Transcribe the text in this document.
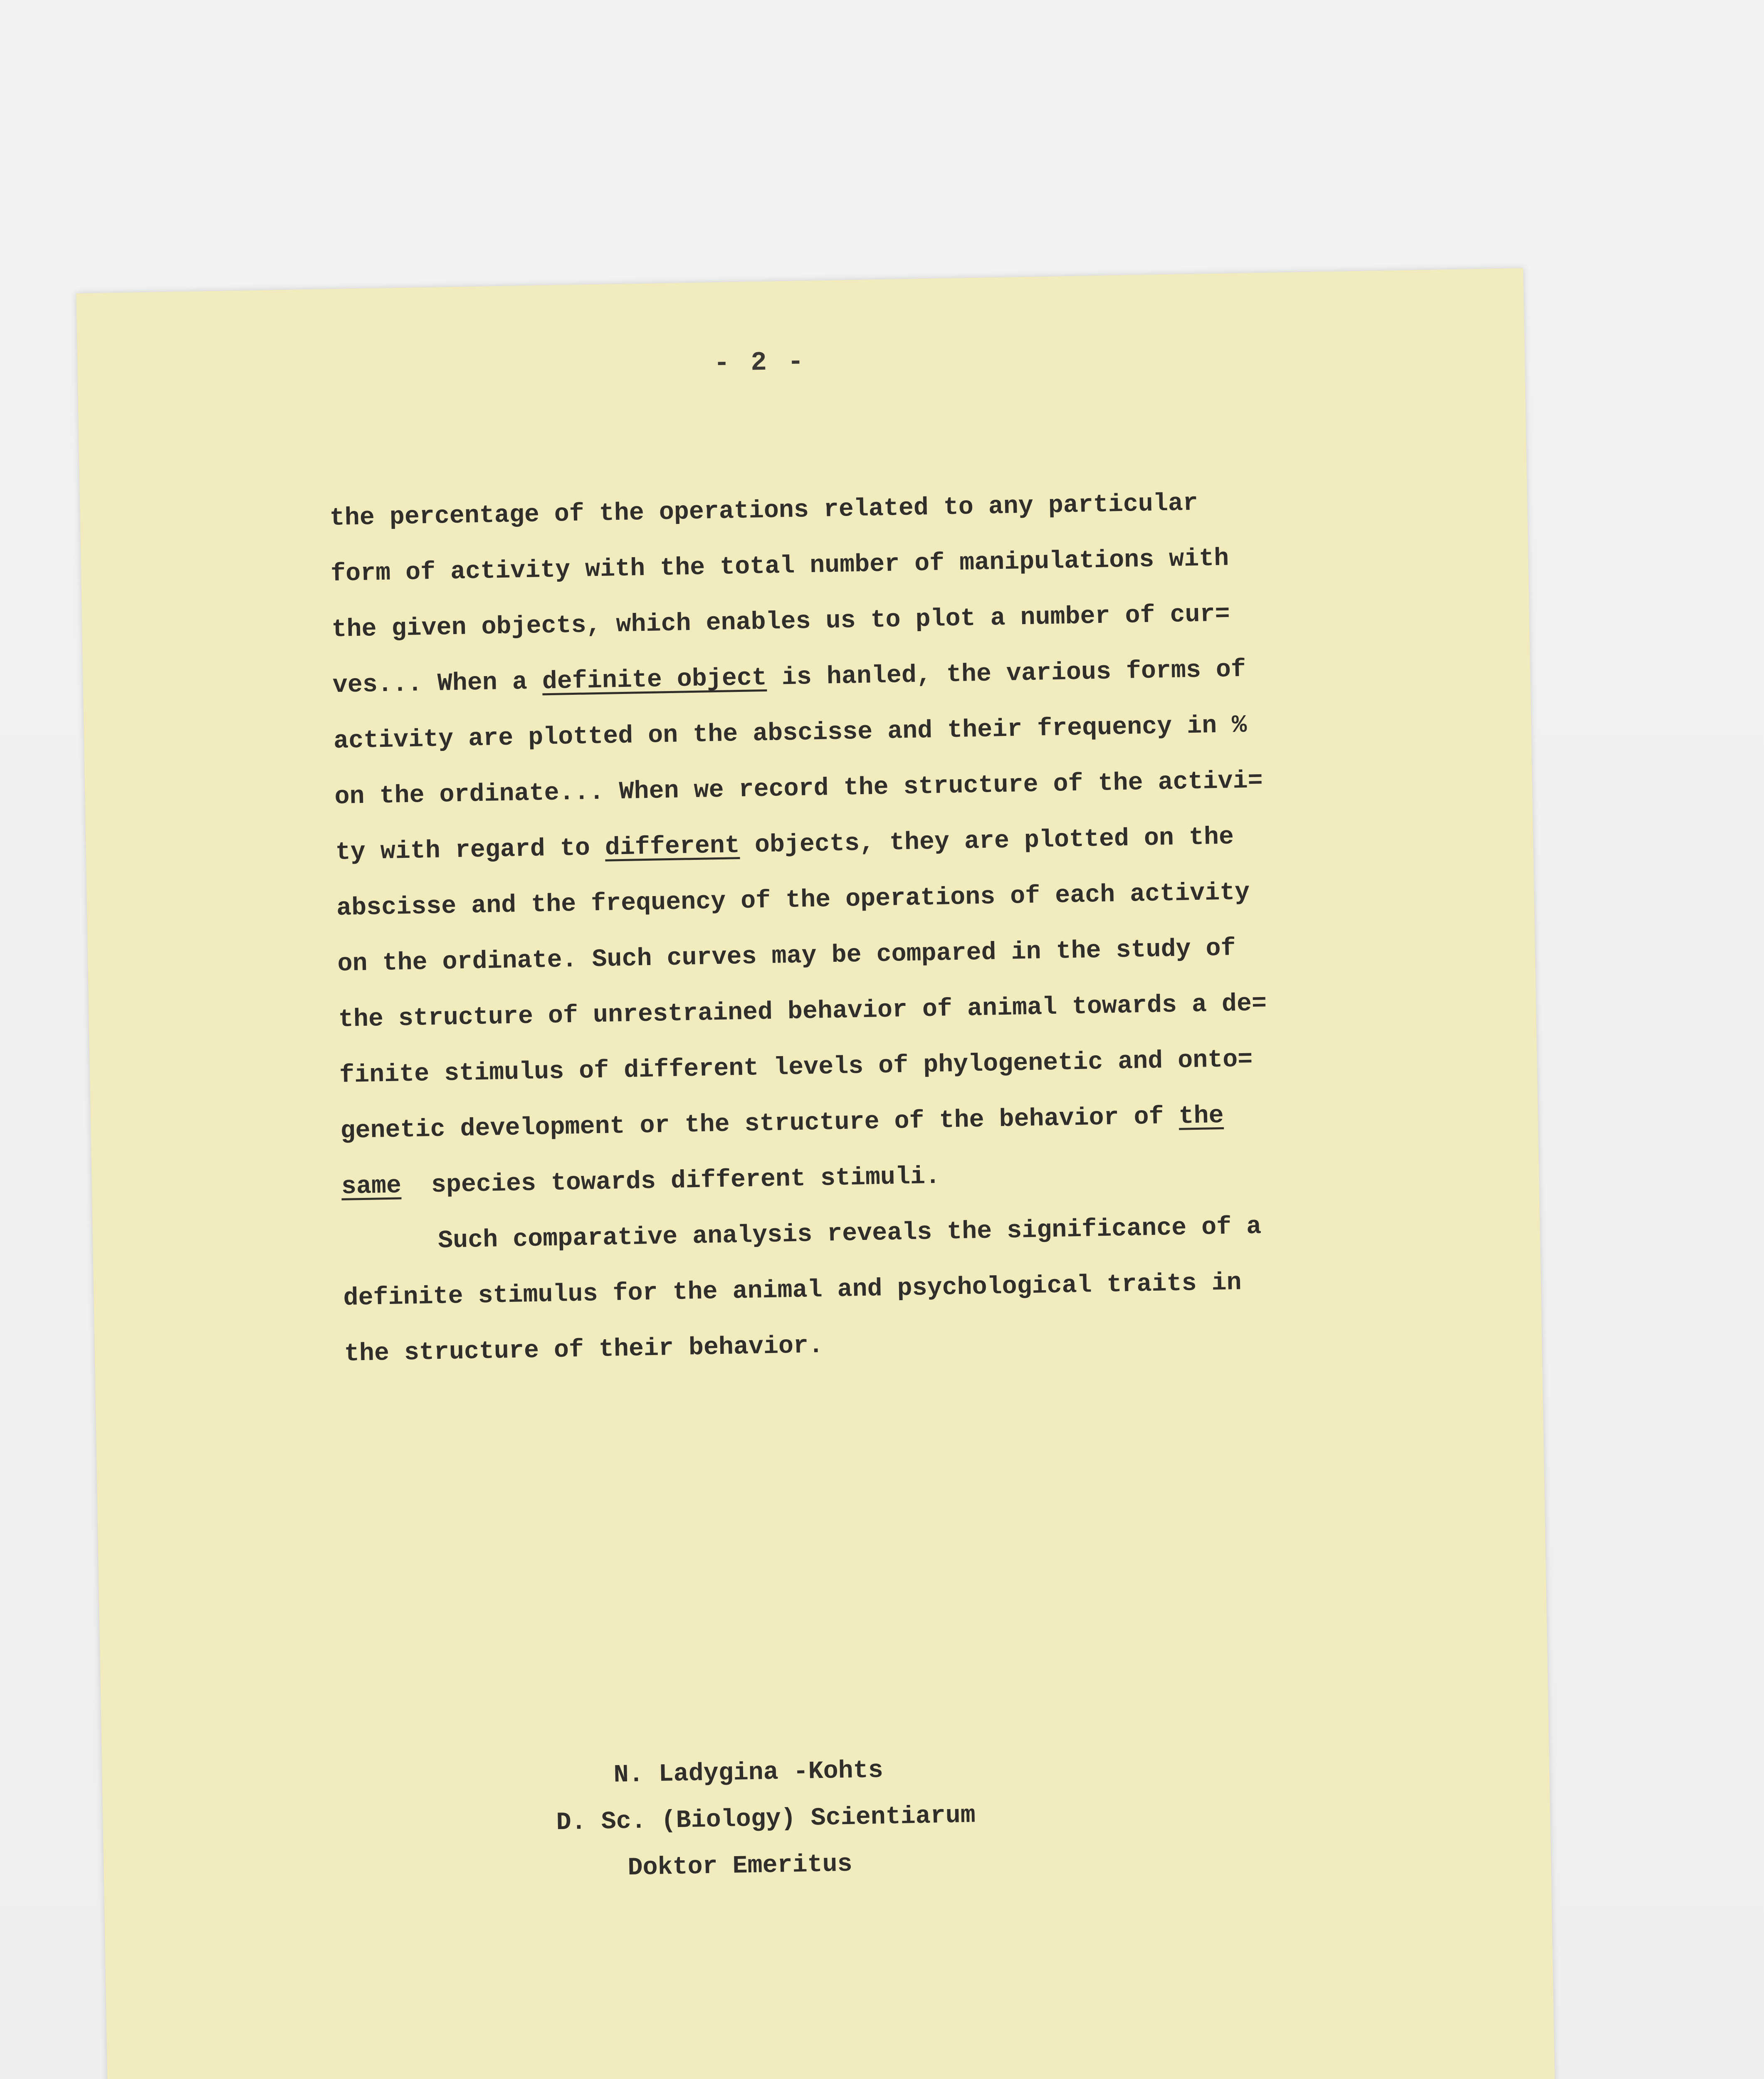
- 2 -
the percentage of the operations related to any particular
form of activity with the total number of manipulations with
the given objects, which enables us to plot a number of cur=
ves... When a definite object is hanled, the various forms of
activity are plotted on the abscisse and their frequency in %
on the ordinate... When we record the structure of the activi=
ty with regard to different objects, they are plotted on the
abscisse and the frequency of the operations of each activity
on the ordinate. Such curves may be compared in the study of
the structure of unrestrained behavior of animal towards a de=
finite stimulus of different levels of phylogenetic and onto=
genetic development or the structure of the behavior of the
same  species towards different stimuli.
Such comparative analysis reveals the significance of a
definite stimulus for the animal and psychological traits in
the structure of their behavior.
N. Ladygina -Kohts
D. Sc. (Biology) Scientiarum
Doktor Emeritus
